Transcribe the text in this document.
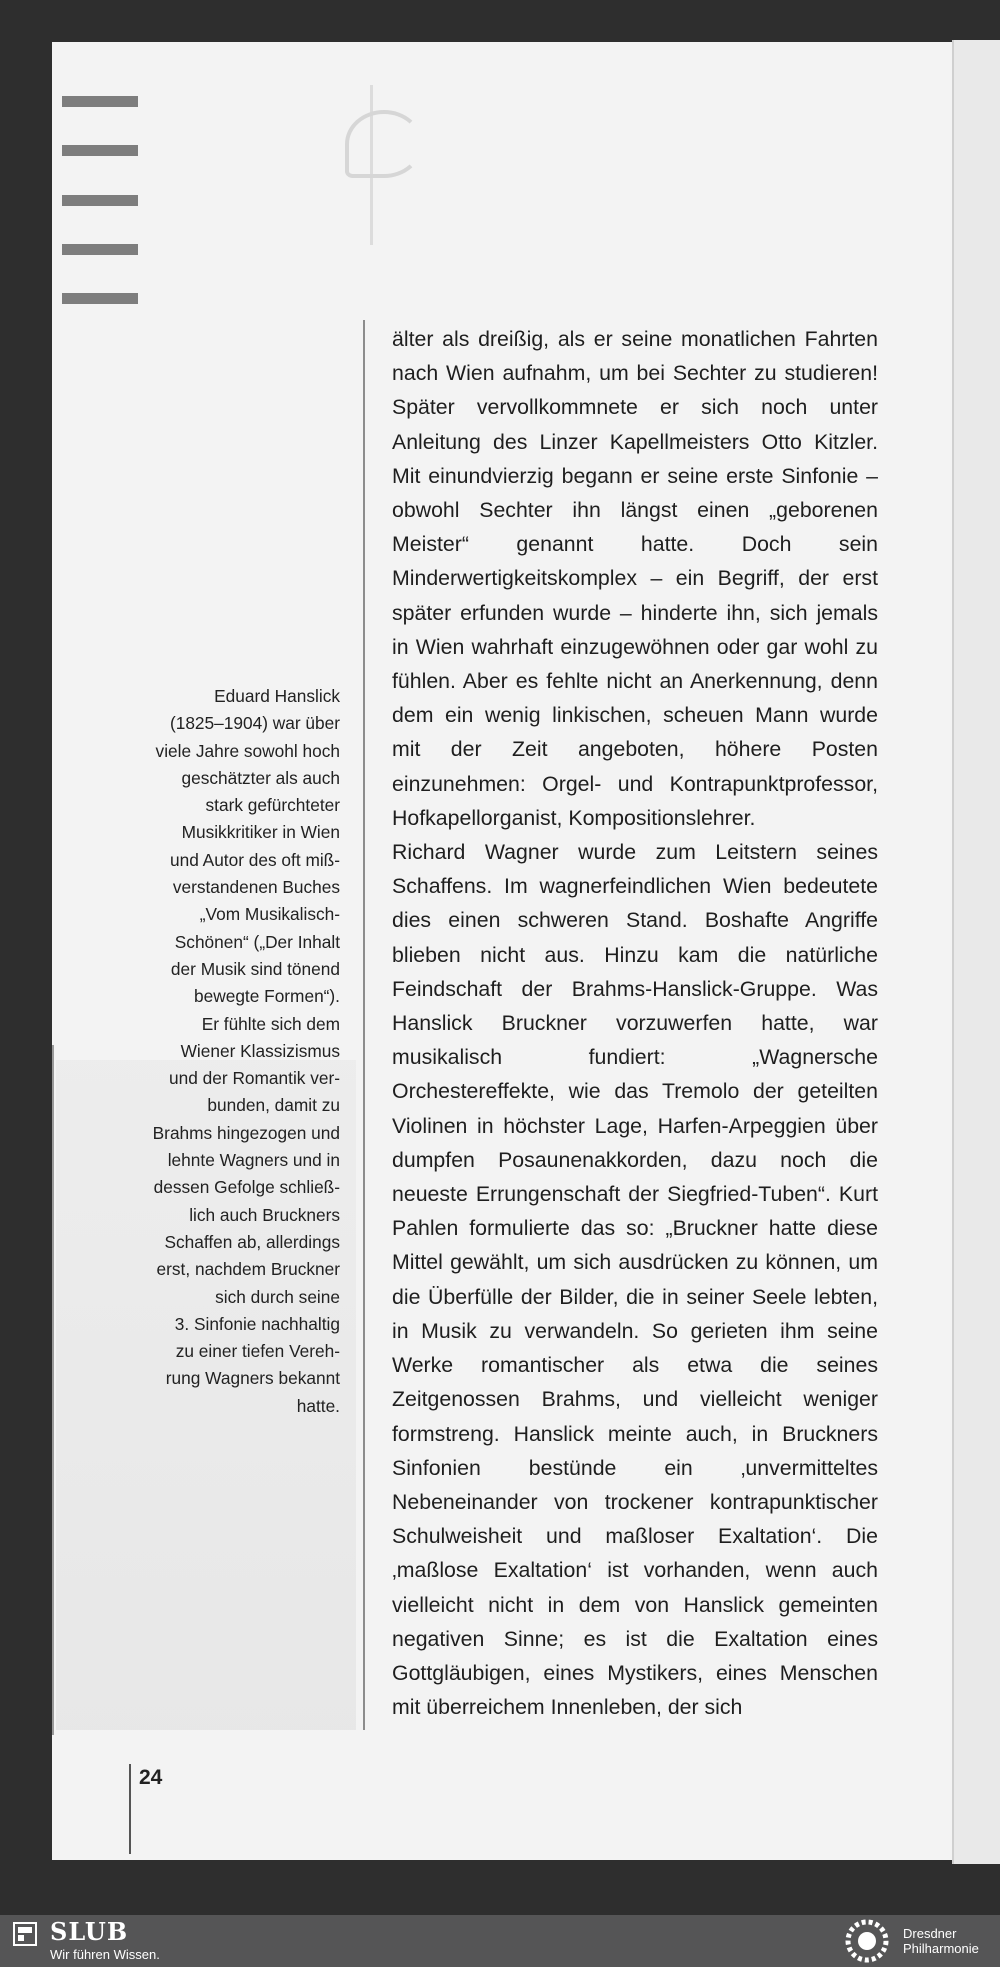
älter als dreißig, als er seine monatlichen Fahrten nach Wien aufnahm, um bei Sechter zu studieren! Später vervollkommnete er sich noch unter Anleitung des Linzer Kapellmeisters Otto Kitzler. Mit einundvierzig begann er seine erste Sinfonie – obwohl Sechter ihn längst einen „geborenen Meister“ genannt hatte. Doch sein Minderwertigkeitskomplex – ein Begriff, der erst später erfunden wurde – hinderte ihn, sich jemals in Wien wahrhaft einzugewöhnen oder gar wohl zu fühlen. Aber es fehlte nicht an Anerkennung, denn dem ein wenig linkischen, scheuen Mann wurde mit der Zeit angeboten, höhere Posten einzunehmen: Orgel- und Kontrapunktprofessor, Hofkapellorganist, Kompositionslehrer.

Richard Wagner wurde zum Leitstern seines Schaffens. Im wagnerfeindlichen Wien bedeutete dies einen schweren Stand. Boshafte Angriffe blieben nicht aus. Hinzu kam die natürliche Feindschaft der Brahms-Hanslick-Gruppe. Was Hanslick Bruckner vorzuwerfen hatte, war musikalisch fundiert: „Wagnersche Orchestereffekte, wie das Tremolo der geteilten Violinen in höchster Lage, Harfen-Arpeggien über dumpfen Posaunenakkorden, dazu noch die neueste Errungenschaft der Siegfried-Tuben“. Kurt Pahlen formulierte das so: „Bruckner hatte diese Mittel gewählt, um sich ausdrücken zu können, um die Überfülle der Bilder, die in seiner Seele lebten, in Musik zu verwandeln. So gerieten ihm seine Werke romantischer als etwa die seines Zeitgenossen Brahms, und vielleicht weniger formstreng. Hanslick meinte auch, in Bruckners Sinfonien bestünde ein ‚unvermitteltes Nebeneinander von trockener kontrapunktischer Schulweisheit und maßloser Exaltation‘. Die ‚maßlose Exaltation‘ ist vorhanden, wenn auch vielleicht nicht in dem von Hanslick gemeinten negativen Sinne; es ist die Exaltation eines Gottgläubigen, eines Mystikers, eines Menschen mit überreichem Innenleben, der sich

Eduard Hanslick
(1825–1904) war über
viele Jahre sowohl hoch
geschätzter als auch
stark gefürchteter
Musikkritiker in Wien
und Autor des oft miß-
verstandenen Buches
„Vom Musikalisch-
Schönen“ („Der Inhalt
der Musik sind tönend
bewegte Formen“).
Er fühlte sich dem
Wiener Klassizismus
und der Romantik ver-
bunden, damit zu
Brahms hingezogen und
lehnte Wagners und in
dessen Gefolge schließ-
lich auch Bruckners
Schaffen ab, allerdings
erst, nachdem Bruckner
sich durch seine
3. Sinfonie nachhaltig
zu einer tiefen Vereh-
rung Wagners bekannt
hatte.
24
SLUB
Wir führen Wissen.
Dresdner
Philharmonie
